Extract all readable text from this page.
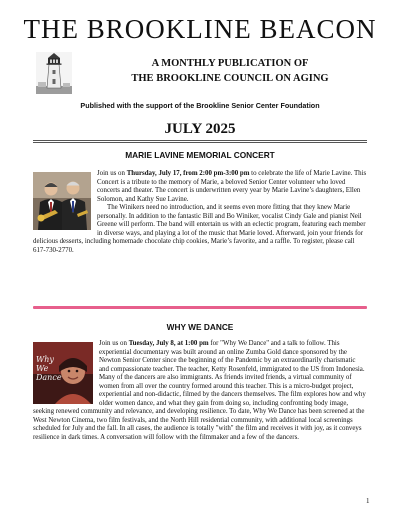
THE BROOKLINE BEACON
A MONTHLY PUBLICATION OF
THE BROOKLINE COUNCIL ON AGING
Published with the support of the Brookline Senior Center Foundation
JULY 2025
MARIE LAVINE MEMORIAL CONCERT
Join us on Thursday, July 17, from 2:00 pm-3:00 pm to celebrate the life of Marie Lavine. This Concert is a tribute to the memory of Marie, a beloved Senior Center volunteer who loved concerts and theater. The concert is underwritten every year by Marie Lavine’s daughters, Ellen Solomon, and Kathy Sue Lavine.
The Winikers need no introduction, and it seems even more fitting that they knew Marie personally. In addition to the fantastic Bill and Bo Winiker, vocalist Cindy Gale and pianist Neil Greene will perform. The band will entertain us with an eclectic program, featuring each member in diverse ways, and playing a lot of the music that Marie loved. Afterward, join your friends for delicious desserts, including homemade chocolate chip cookies, Marie’s favorite, and a raffle. To register, please call 617-730-2770.
WHY WE DANCE
Why
We
Dance
Join us on Tuesday, July 8, at 1:00 pm for "Why We Dance" and a talk to follow. This experiential documentary was built around an online Zumba Gold dance sponsored by the Newton Senior Center since the beginning of the Pandemic by an extraordinarily charismatic and compassionate teacher. The teacher, Ketty Rosenfeld, immigrated to the US from Indonesia. Many of the dancers are also immigrants. As friends invited friends, a virtual community of women from all over the country formed around this teacher. This is a micro-budget project, experiential and non-didactic, filmed by the dancers themselves. The film explores how and why older women dance, and what they gain from doing so, including confronting body image, seeking renewed community and relevance, and developing resilience. To date, Why We Dance has been screened at the West Newton Cinema, two film festivals, and the North Hill residential community, with additional local screenings scheduled for July and the fall. In all cases, the audience is totally "with" the film and receives it with joy, as it conveys resilience in dark times. A conversation will follow with the filmmaker and a few of the dancers.
1
